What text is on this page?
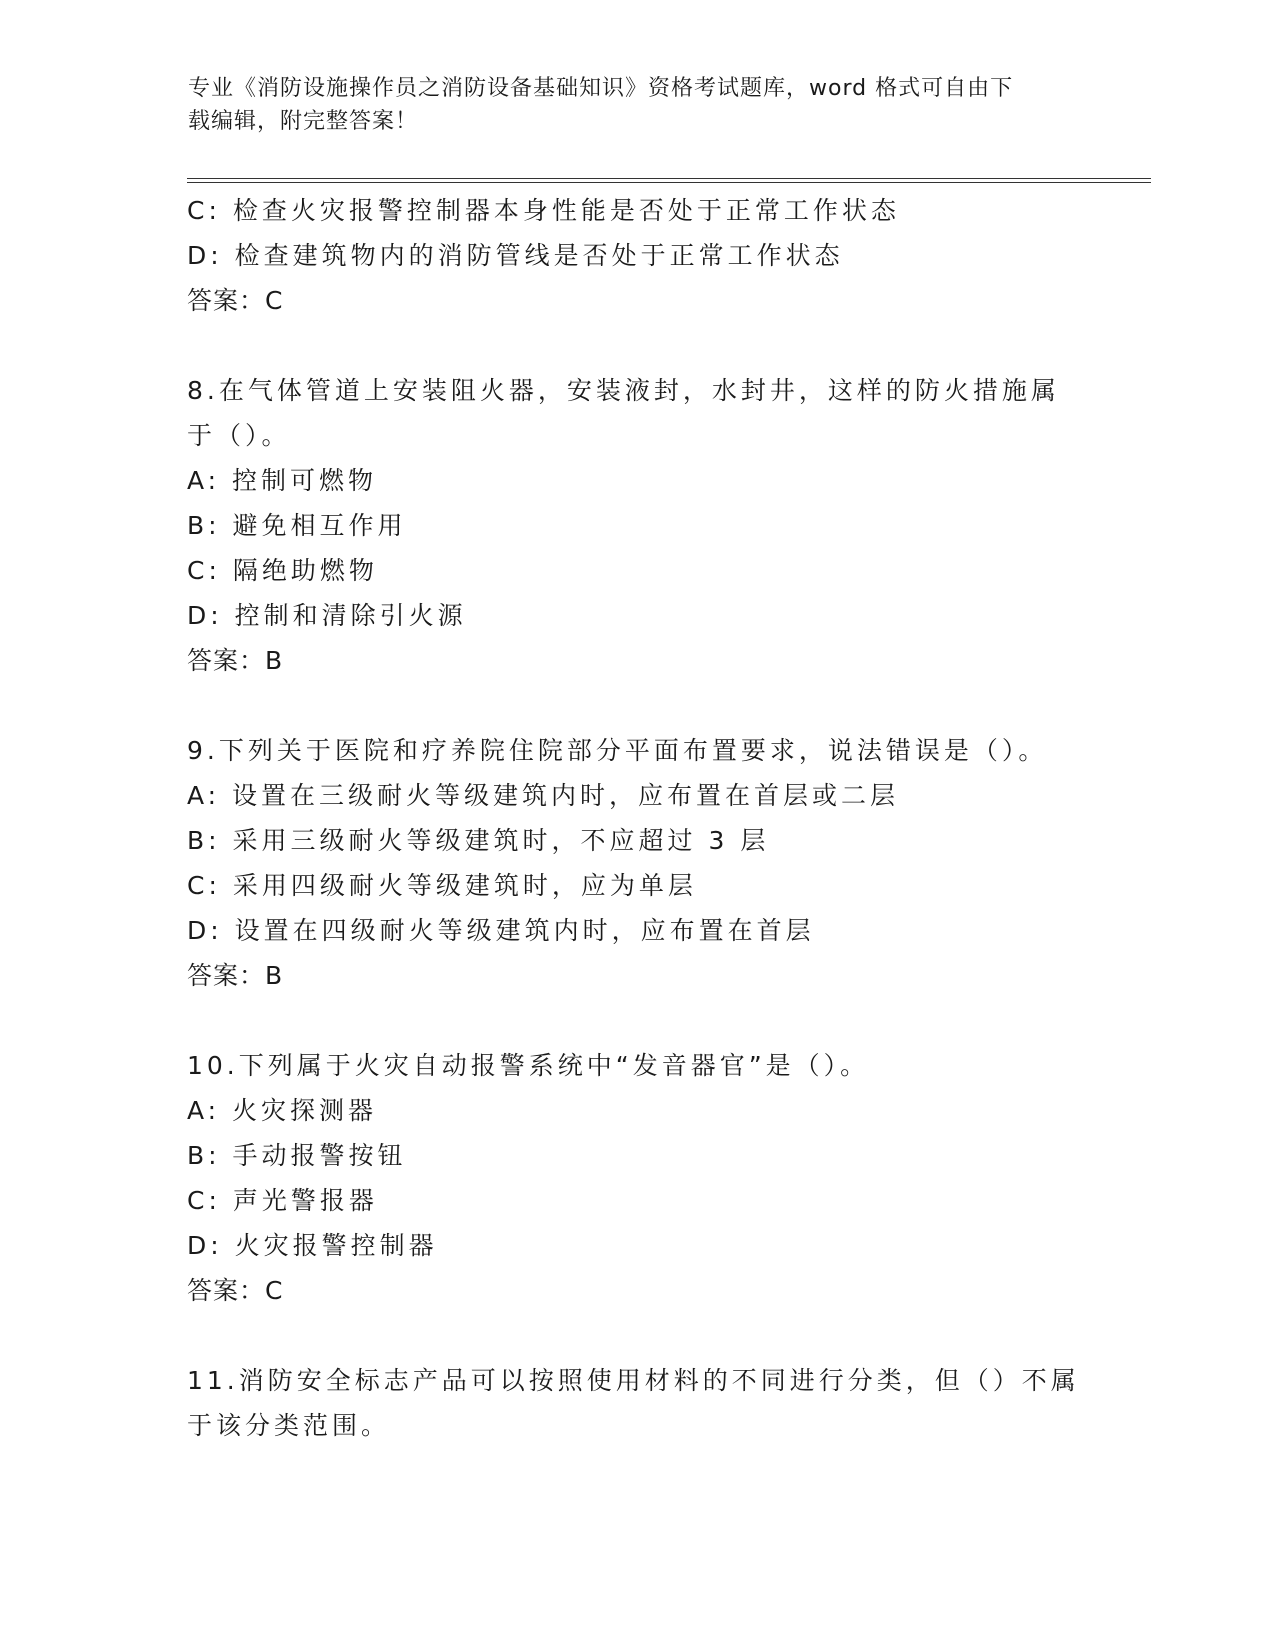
专业《消防设施操作员之消防设备基础知识》资格考试题库，word 格式可自由下
载编辑，附完整答案！
C: 检查火灾报警控制器本身性能是否处于正常工作状态
D: 检查建筑物内的消防管线是否处于正常工作状态
答案：C
8.在气体管道上安装阻火器，安装液封，水封井，这样的防火措施属
于（）。
A: 控制可燃物
B: 避免相互作用
C: 隔绝助燃物
D: 控制和清除引火源
答案：B
9.下列关于医院和疗养院住院部分平面布置要求，说法错误是（）。
A: 设置在三级耐火等级建筑内时，应布置在首层或二层
B: 采用三级耐火等级建筑时，不应超过 3 层
C: 采用四级耐火等级建筑时，应为单层
D: 设置在四级耐火等级建筑内时，应布置在首层
答案：B
10.下列属于火灾自动报警系统中“发音器官”是（）。
A: 火灾探测器
B: 手动报警按钮
C: 声光警报器
D: 火灾报警控制器
答案：C
11.消防安全标志产品可以按照使用材料的不同进行分类，但（）不属
于该分类范围。
